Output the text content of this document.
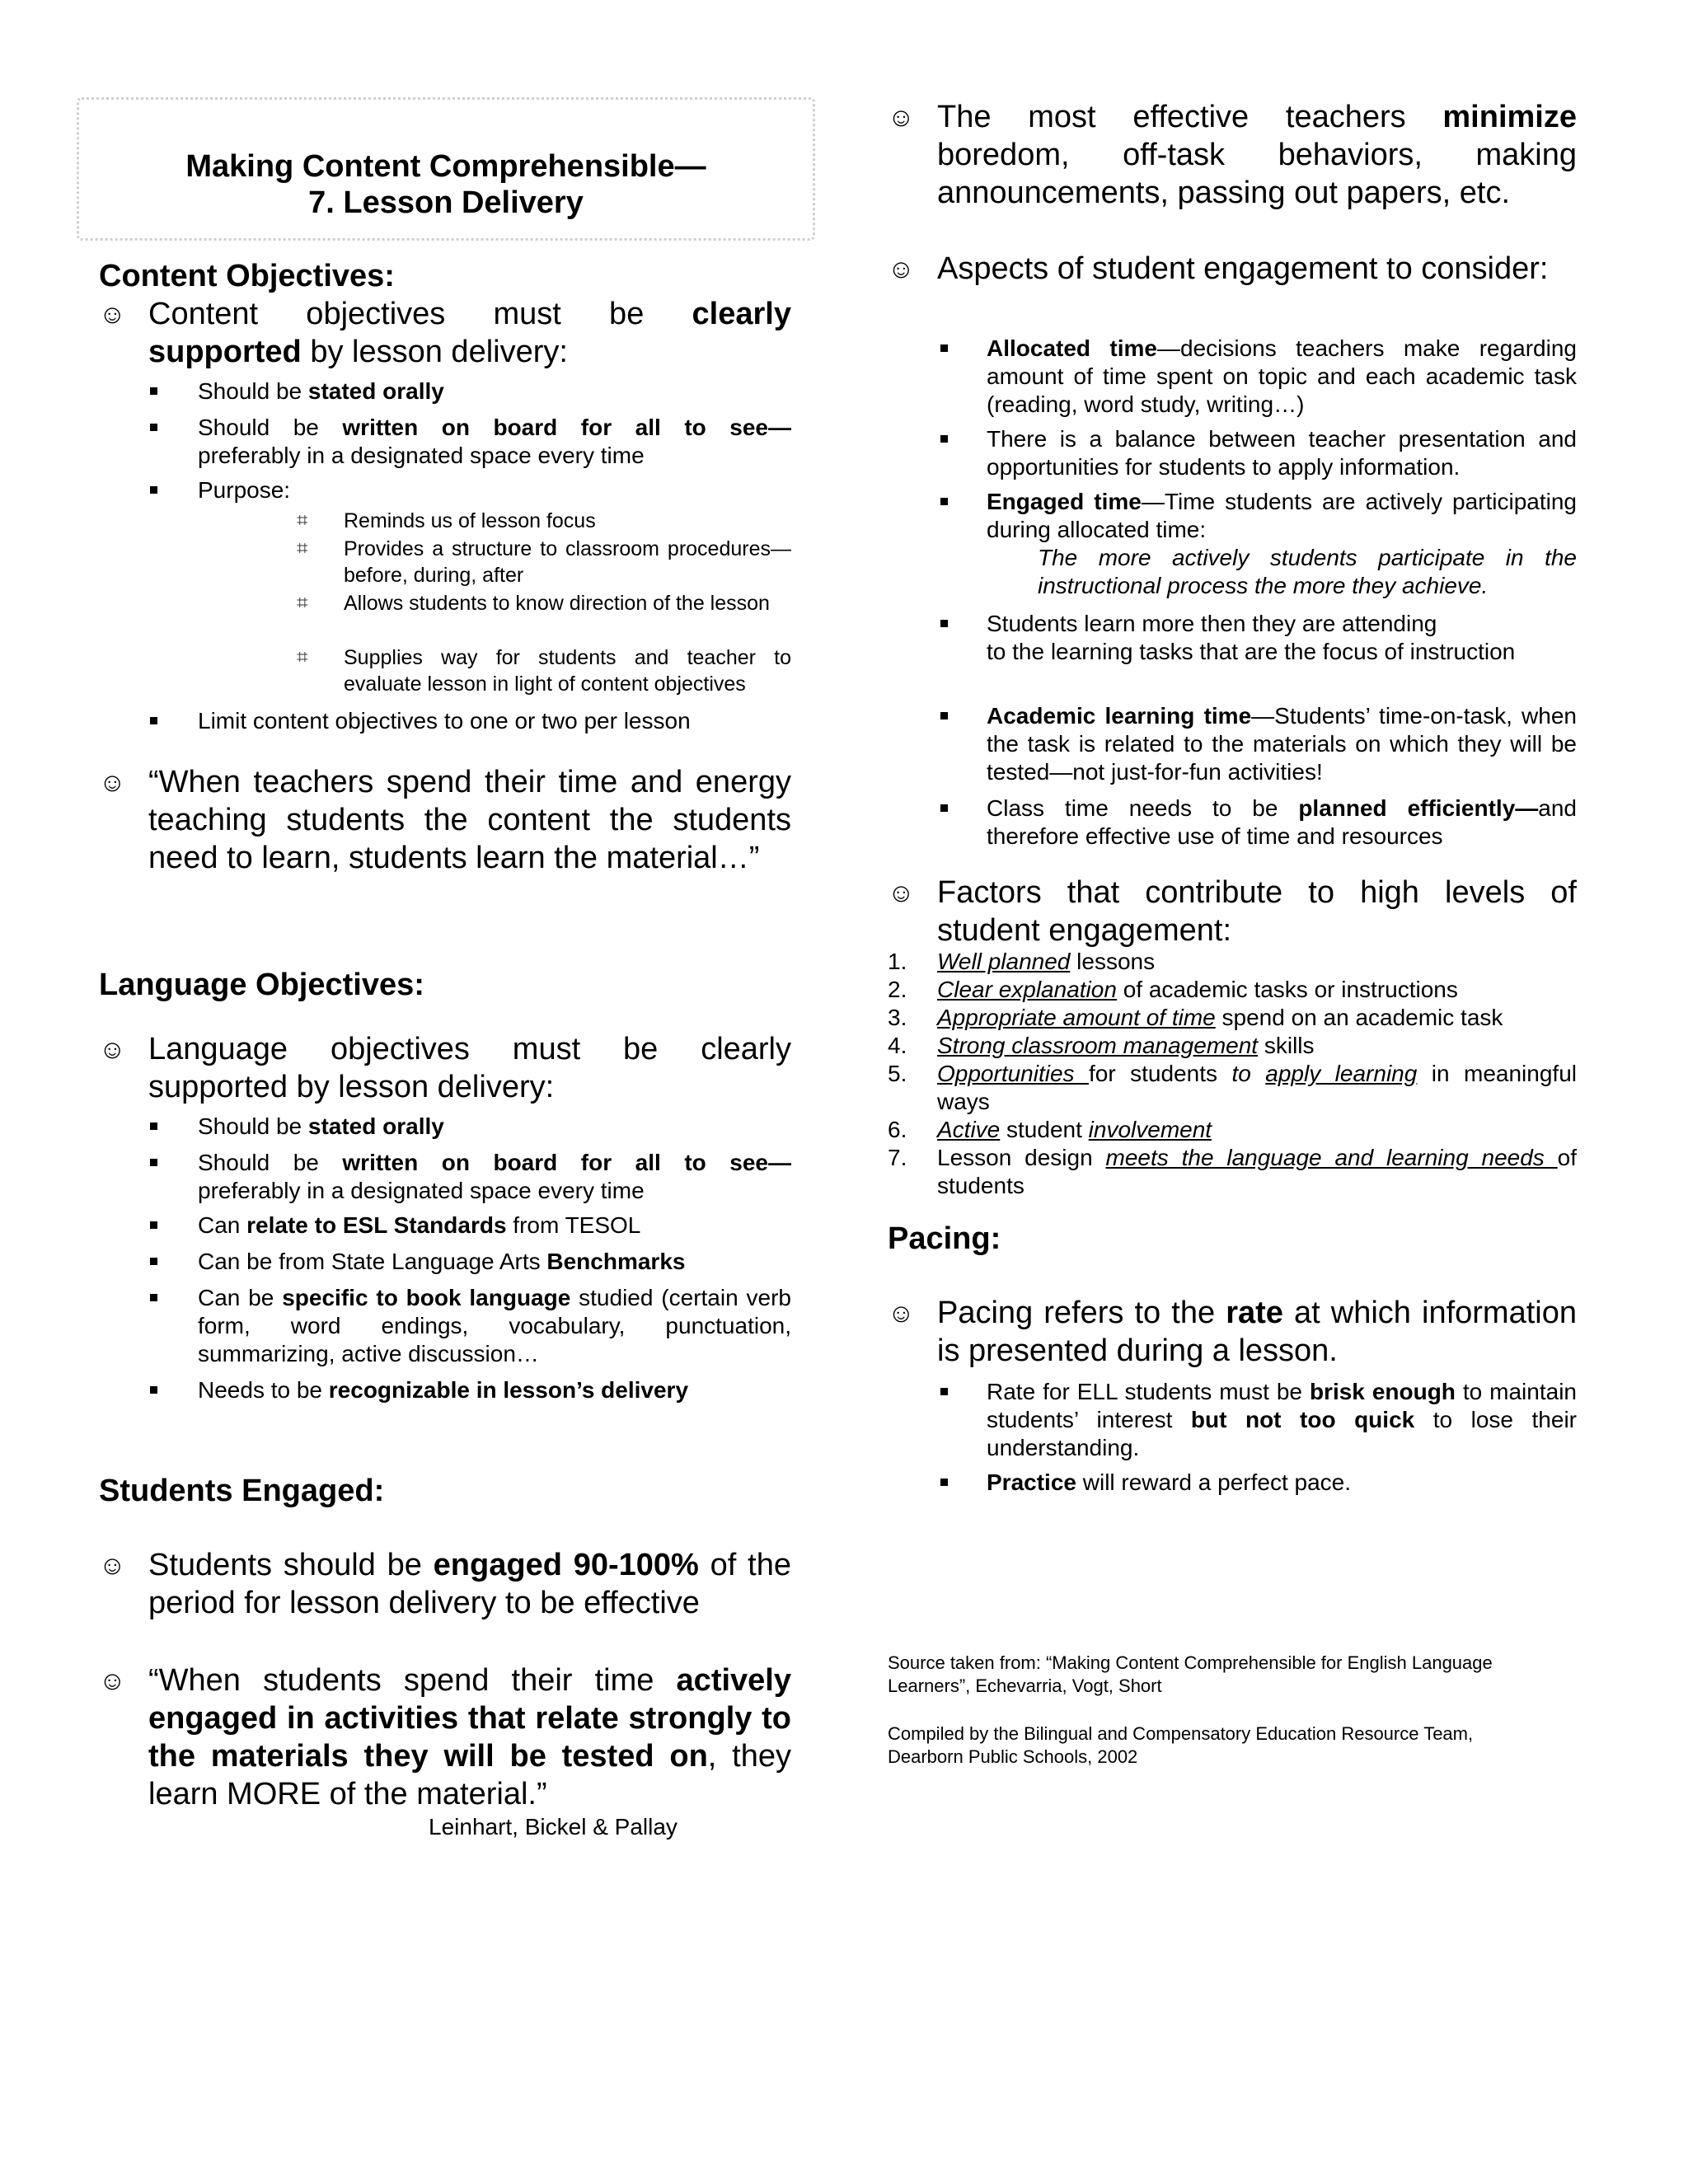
Making Content Comprehensible—
7. Lesson Delivery
Content Objectives:
☺ Content objectives must be clearly supported by lesson delivery:
Should be stated orally
Should be written on board for all to see—
preferably in a designated space every time
Purpose:
⌗ Reminds us of lesson focus
⌗ Provides a structure to classroom procedures—before, during, after
⌗ Allows students to know direction of the lesson
⌗ Supplies way for students and teacher to evaluate lesson in light of content objectives
Limit content objectives to one or two per lesson
☺ “When teachers spend their time and energy teaching students the content the students need to learn, students learn the material…”
Language Objectives:
☺ Language objectives must be clearly supported by lesson delivery:
Should be stated orally
Should be written on board for all to see—
preferably in a designated space every time
Can relate to ESL Standards from TESOL
Can be from State Language Arts Benchmarks
Can be specific to book language studied (certain verb form, word endings, vocabulary, punctuation, summarizing, active discussion…
Needs to be recognizable in lesson’s delivery
Students Engaged:
☺ Students should be engaged 90-100% of the period for lesson delivery to be effective
☺ “When students spend their time actively engaged in activities that relate strongly to the materials they will be tested on, they learn MORE of the material.”
Leinhart, Bickel & Pallay
☺ The most effective teachers minimize boredom, off-task behaviors, making announcements, passing out papers, etc.
☺ Aspects of student engagement to consider:
Allocated time—decisions teachers make regarding amount of time spent on topic and each academic task (reading, word study, writing…)
There is a balance between teacher presentation and opportunities for students to apply information.
Engaged time—Time students are actively participating during allocated time:
The more actively students participate in the instructional process the more they achieve.
Students learn more then they are attending
to the learning tasks that are the focus of instruction
Academic learning time—Students’ time-on-task, when the task is related to the materials on which they will be tested—not just-for-fun activities!
Class time needs to be planned efficiently—and therefore effective use of time and resources
☺ Factors that contribute to high levels of student engagement:
1. Well planned lessons
2. Clear explanation of academic tasks or instructions
3. Appropriate amount of time spend on an academic task
4. Strong classroom management skills
5. Opportunities for students to apply learning in meaningful ways
6. Active student involvement
7. Lesson design meets the language and learning needs of students
Pacing:
☺ Pacing refers to the rate at which information is presented during a lesson.
Rate for ELL students must be brisk enough to maintain students’ interest but not too quick to lose their understanding.
Practice will reward a perfect pace.
Source taken from: “Making Content Comprehensible for English Language
Learners”, Echevarria, Vogt, Short
Compiled by the Bilingual and Compensatory Education Resource Team,
Dearborn Public Schools, 2002
